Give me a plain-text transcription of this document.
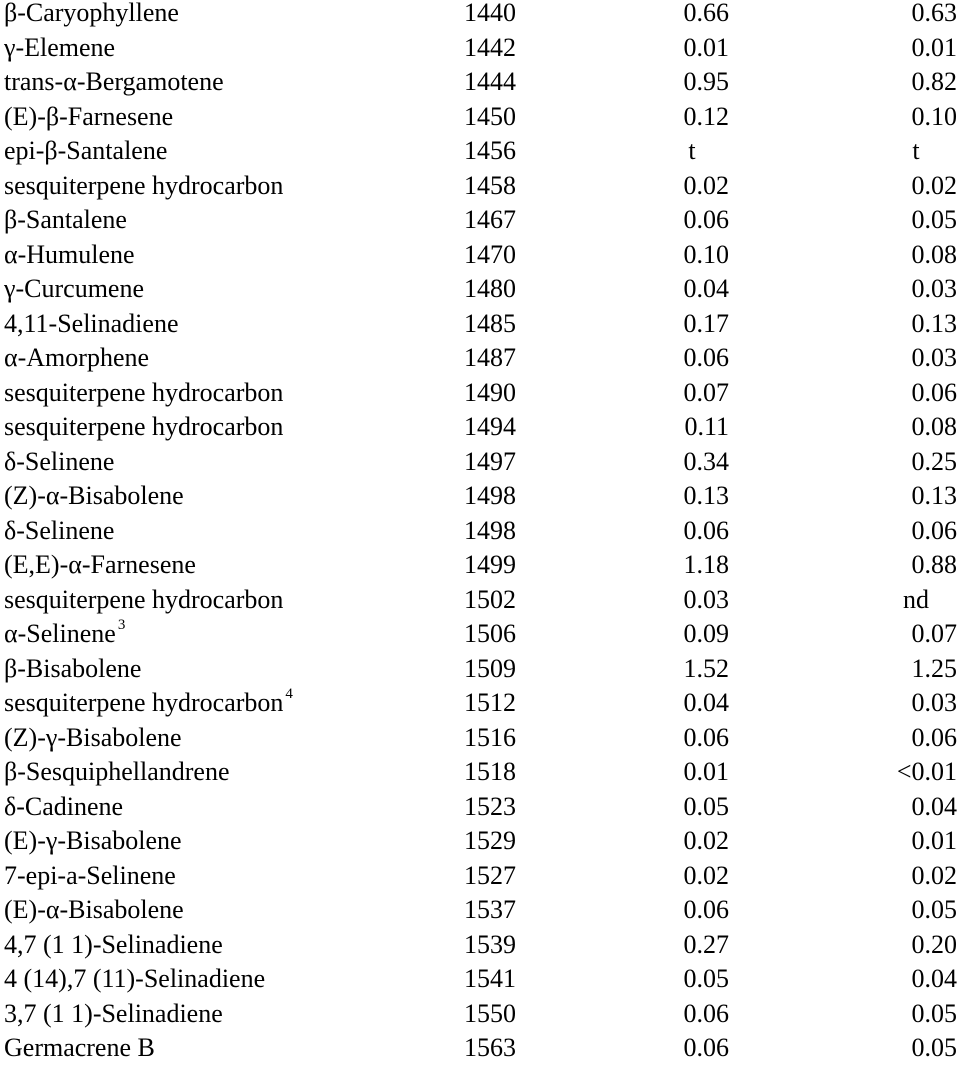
β-Caryophyllene	1440	0.66	0.63
γ-Elemene	1442	0.01	0.01
trans-α-Bergamotene	1444	0.95	0.82
(E)-β-Farnesene	1450	0.12	0.10
epi-β-Santalene	1456	t	t
sesquiterpene hydrocarbon	1458	0.02	0.02
β-Santalene	1467	0.06	0.05
α-Humulene	1470	0.10	0.08
γ-Curcumene	1480	0.04	0.03
4,11-Selinadiene	1485	0.17	0.13
α-Amorphene	1487	0.06	0.03
sesquiterpene hydrocarbon	1490	0.07	0.06
sesquiterpene hydrocarbon	1494	0.11	0.08
δ-Selinene	1497	0.34	0.25
(Z)-α-Bisabolene	1498	0.13	0.13
δ-Selinene	1498	0.06	0.06
(E,E)-α-Farnesene	1499	1.18	0.88
sesquiterpene hydrocarbon	1502	0.03	nd
α-Selinene $^3$	1506	0.09	0.07
β-Bisabolene	1509	1.52	1.25
sesquiterpene hydrocarbon $^4$	1512	0.04	0.03
(Z)-γ-Bisabolene	1516	0.06	0.06
β-Sesquiphellandrene	1518	0.01	<0.01
δ-Cadinene	1523	0.05	0.04
(E)-γ-Bisabolene	1529	0.02	0.01
7-epi-a-Selinene	1527	0.02	0.02
(E)-α-Bisabolene	1537	0.06	0.05
4,7 (1 1)-Selinadiene	1539	0.27	0.20
4 (14),7 (11)-Selinadiene	1541	0.05	0.04
3,7 (1 1)-Selinadiene	1550	0.06	0.05
Germacrene B	1563	0.06	0.05
